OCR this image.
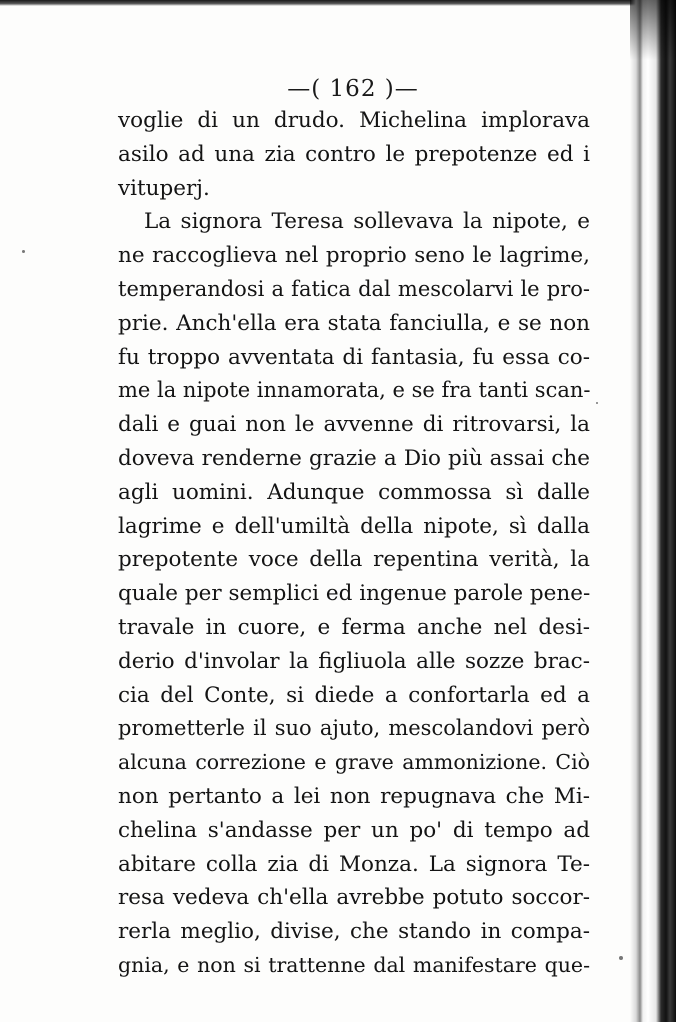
—( 162 )—
voglie di un drudo. Michelina implorava
asilo ad una zia contro le prepotenze ed i
vituperj.
La signora Teresa sollevava la nipote, e
ne raccoglieva nel proprio seno le lagrime,
temperandosi a fatica dal mescolarvi le pro-
prie. Anch'ella era stata fanciulla, e se non
fu troppo avventata di fantasia, fu essa co-
me la nipote innamorata, e se fra tanti scan-
dali e guai non le avvenne di ritrovarsi, la
doveva renderne grazie a Dio più assai che
agli uomini. Adunque commossa sì dalle
lagrime e dell'umiltà della nipote, sì dalla
prepotente voce della repentina verità, la
quale per semplici ed ingenue parole pene-
travale in cuore, e ferma anche nel desi-
derio d'involar la figliuola alle sozze brac-
cia del Conte, si diede a confortarla ed a
prometterle il suo ajuto, mescolandovi però
alcuna correzione e grave ammonizione. Ciò
non pertanto a lei non repugnava che Mi-
chelina s'andasse per un po' di tempo ad
abitare colla zia di Monza. La signora Te-
resa vedeva ch'ella avrebbe potuto soccor-
rerla meglio, divise, che stando in compa-
gnia, e non si trattenne dal manifestare que-
